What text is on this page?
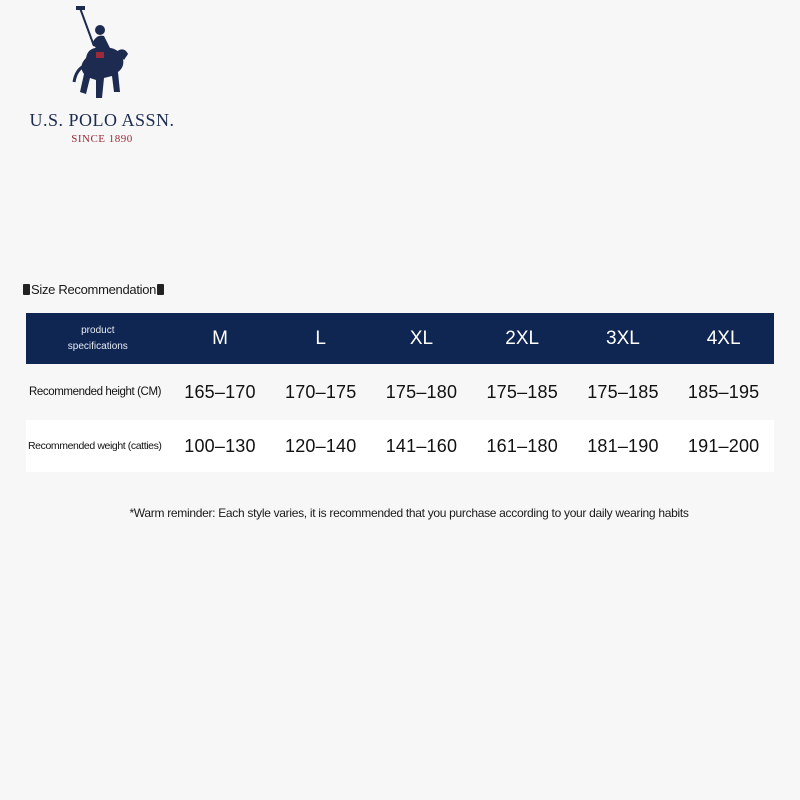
U.S. POLO ASSN.
SINCE 1890
Size Recommendation
product
specifications	M	L	XL	2XL	3XL	4XL
Recommended height (CM)	165–170	170–175	175–180	175–185	175–185	185–195
Recommended weight (catties)	100–130	120–140	141–160	161–180	181–190	191–200
*Warm reminder: Each style varies, it is recommended that you purchase according to your daily wearing habits
